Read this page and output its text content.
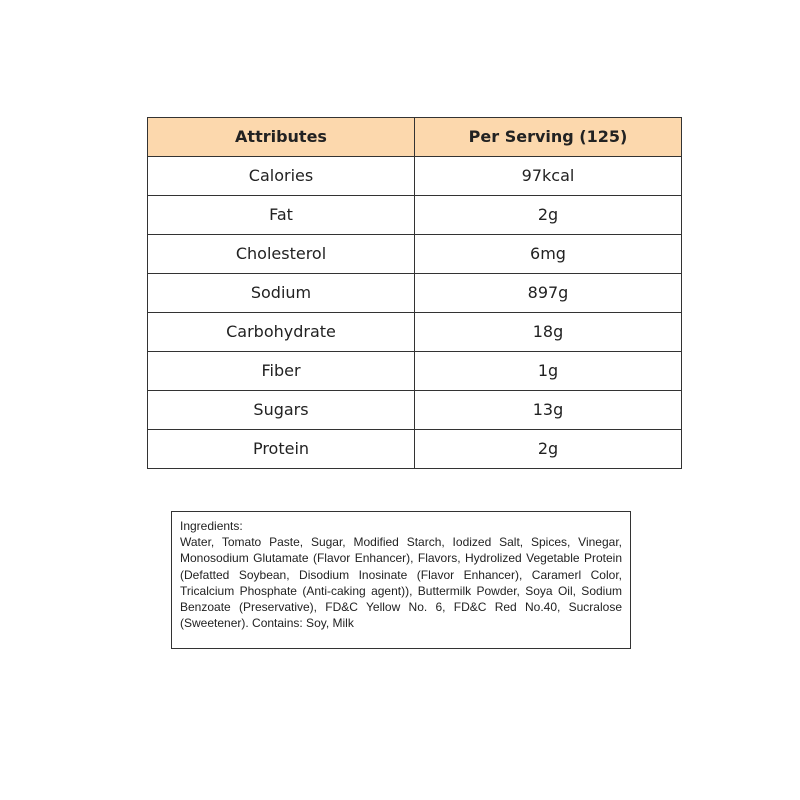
Attributes	Per Serving (125)
Calories	97kcal
Fat	2g
Cholesterol	6mg
Sodium	897g
Carbohydrate	18g
Fiber	1g
Sugars	13g
Protein	2g
Ingredients:
Water, Tomato Paste, Sugar, Modified Starch, Iodized Salt, Spices, Vinegar, Monosodium Glutamate (Flavor Enhancer), Flavors, Hydrolized Vegetable Protein (Defatted Soybean, Disodium Inosinate (Flavor Enhancer), Caramerl Color, Tricalcium Phosphate (Anti-caking agent)), Buttermilk Powder, Soya Oil, Sodium Benzoate (Preservative), FD&C Yellow No. 6, FD&C Red No.40, Sucralose (Sweetener). Contains: Soy, Milk
